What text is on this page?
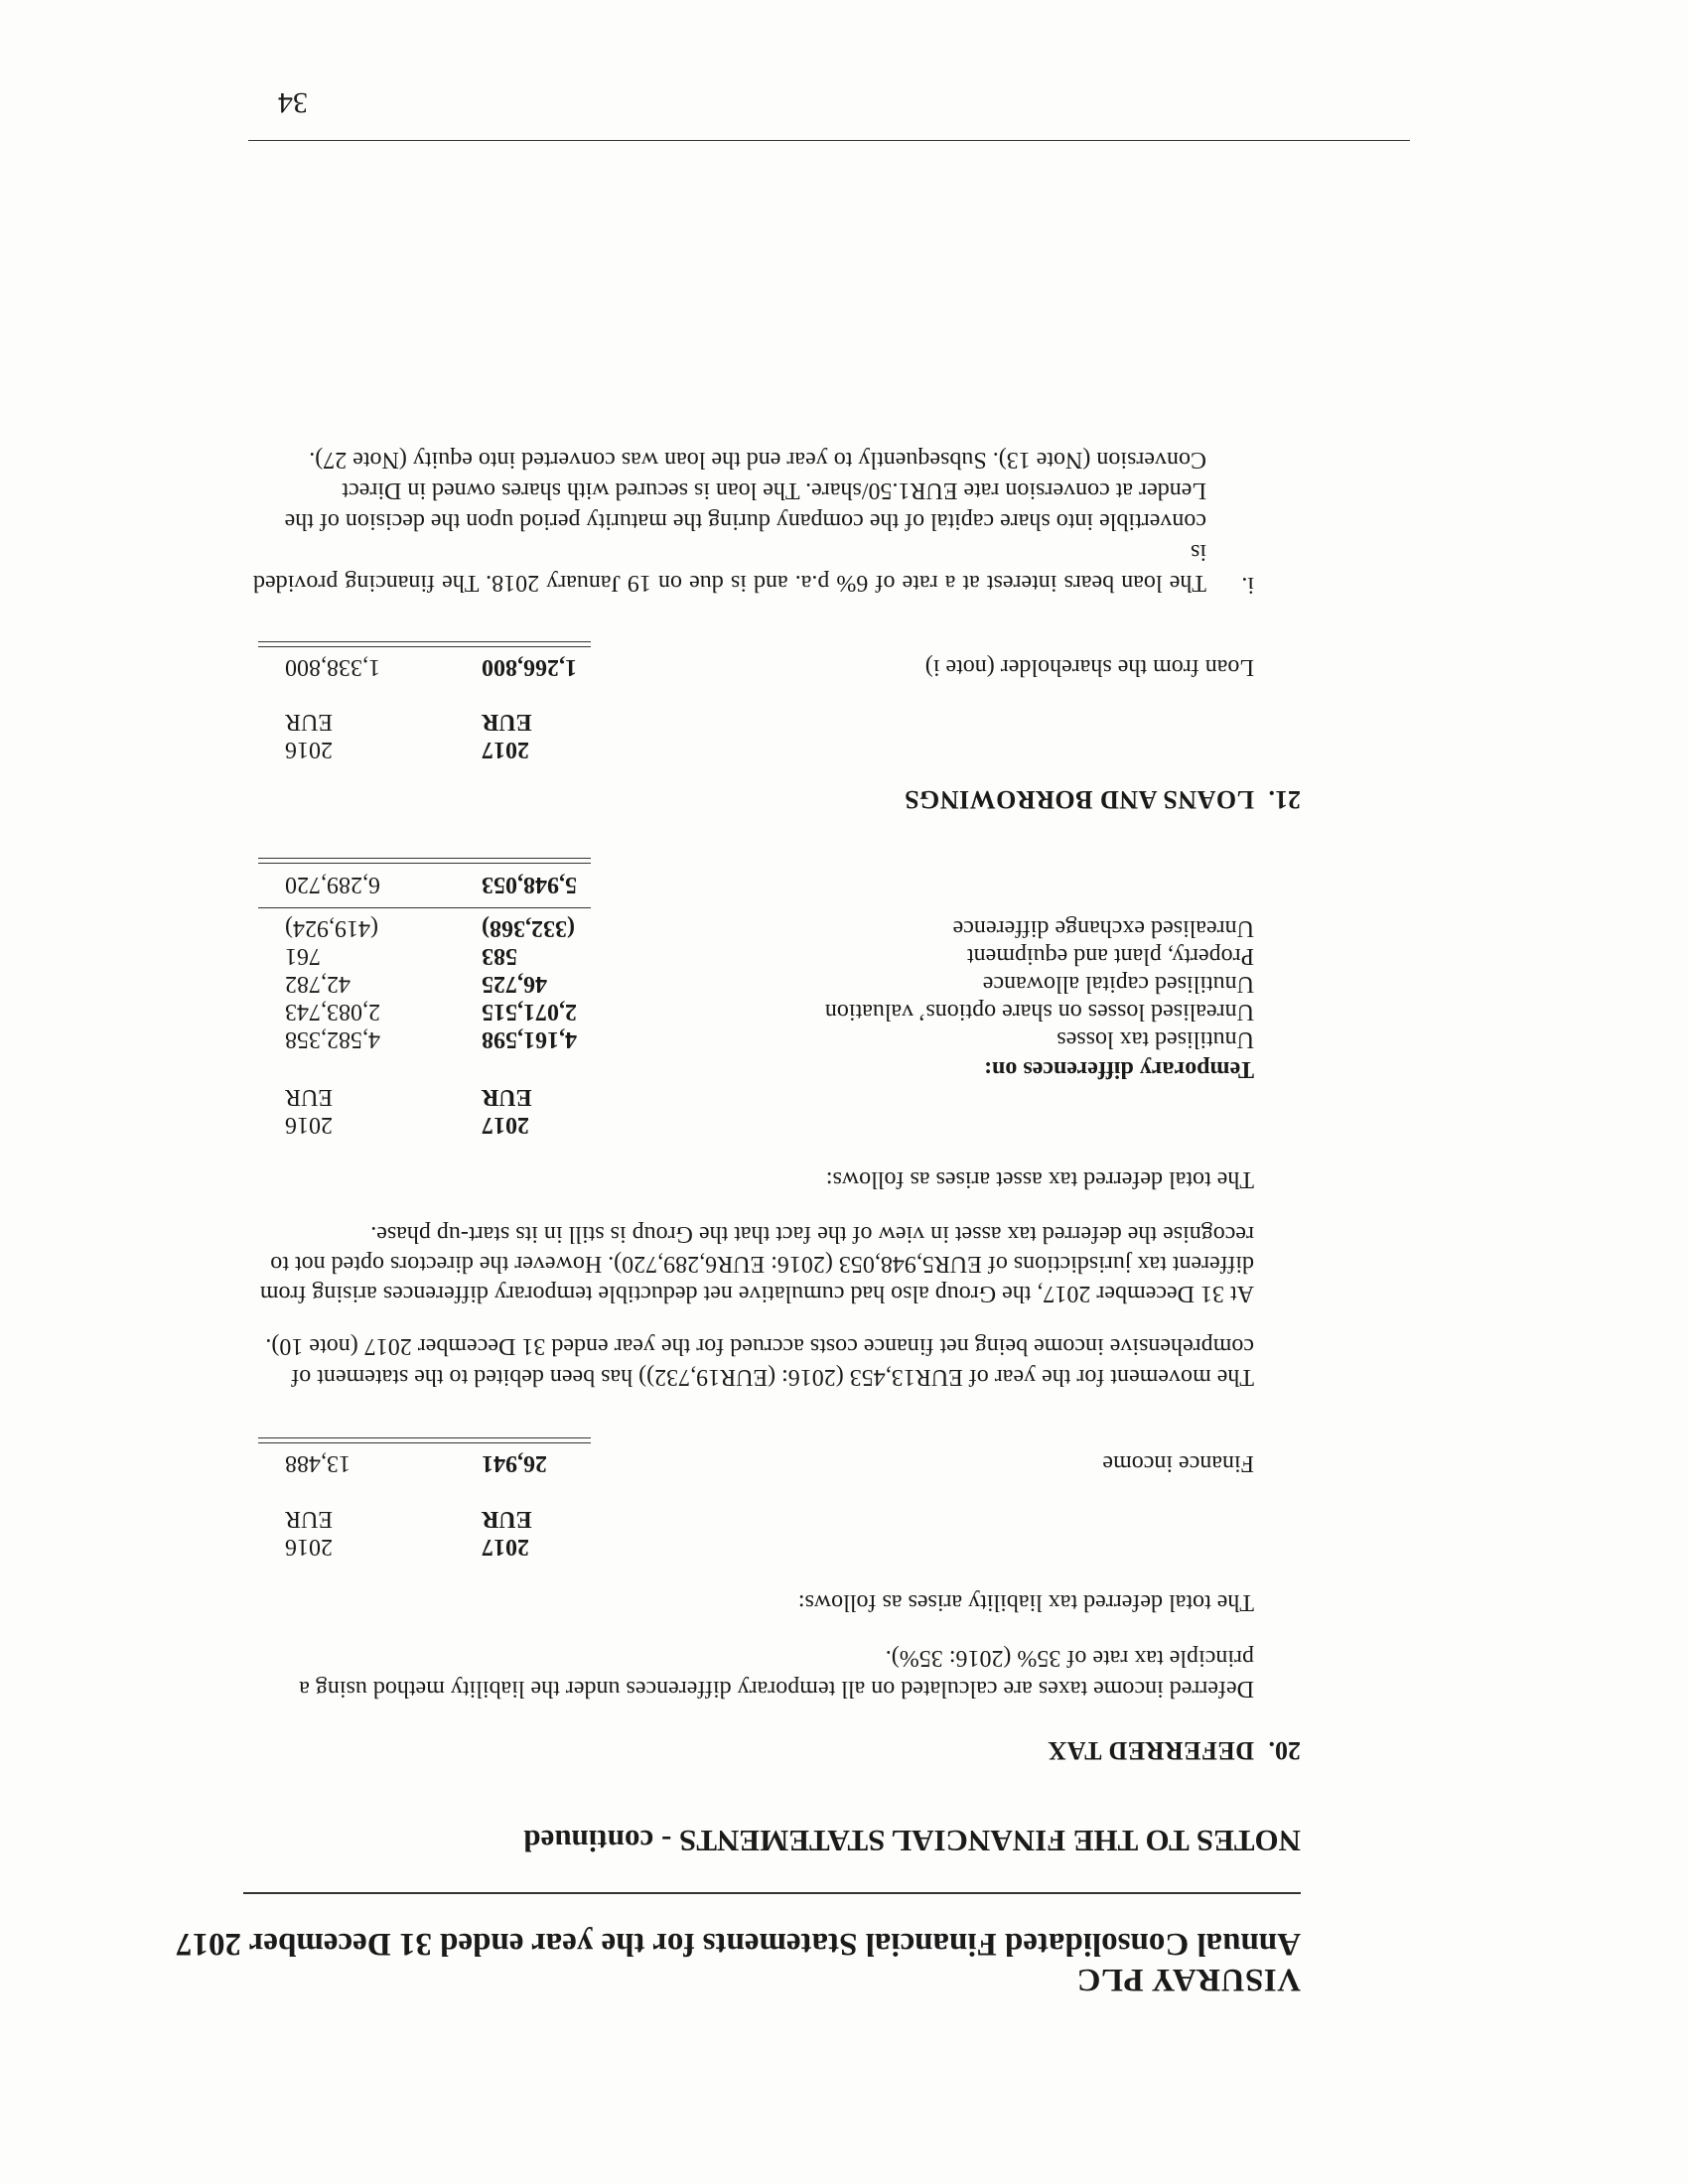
VISURAY PLC
Annual Consolidated Financial Statements for the year ended 31 December 2017
NOTES TO THE FINANCIAL STATEMENTS - continued
20.
DEFERRED TAX
Deferred income taxes are calculated on all temporary differences under the liability method using a
principle tax rate of 35% (2016: 35%).
The total deferred tax liability arises as follows:
2017
2016
EUR
EUR
Finance income
26,941
13,488
The movement for the year of EUR13,453 (2016: (EUR19,732)) has been debited to the statement of
comprehensive income being net finance costs accrued for the year ended 31 December 2017 (note 10).
At 31 December 2017, the Group also had cumulative net deductible temporary differences arising from
different tax jurisdictions of EUR5,948,053 (2016: EUR6,289,720). However the directors opted not to
recognise the deferred tax asset in view of the fact that the Group is still in its start-up phase.
The total deferred tax asset arises as follows:
2017
2016
EUR
EUR
Temporary differences on:
Unutilised tax losses
4,161,598
4,582,358
Unrealised losses on share options’ valuation
2,071,515
2,083,743
Unutilised capital allowance
46,725
42,782
Property, plant and equipment
583
761
Unrealised exchange difference
(332,368)
(419,924)
5,948,053
6,289,720
21.
LOANS AND BORROWINGS
2017
2016
EUR
EUR
Loan from the shareholder (note i)
1,266,800
1,338,800
i.
The loan bears interest at a rate of 6% p.a. and is due on 19 January 2018. The financing provided is
convertible into share capital of the company during the maturity period upon the decision of the
Lender at conversion rate EUR1.50/share. The loan is secured with shares owned in Direct
Conversion (Note 13). Subsequently to year end the loan was converted into equity (Note 27).
34
